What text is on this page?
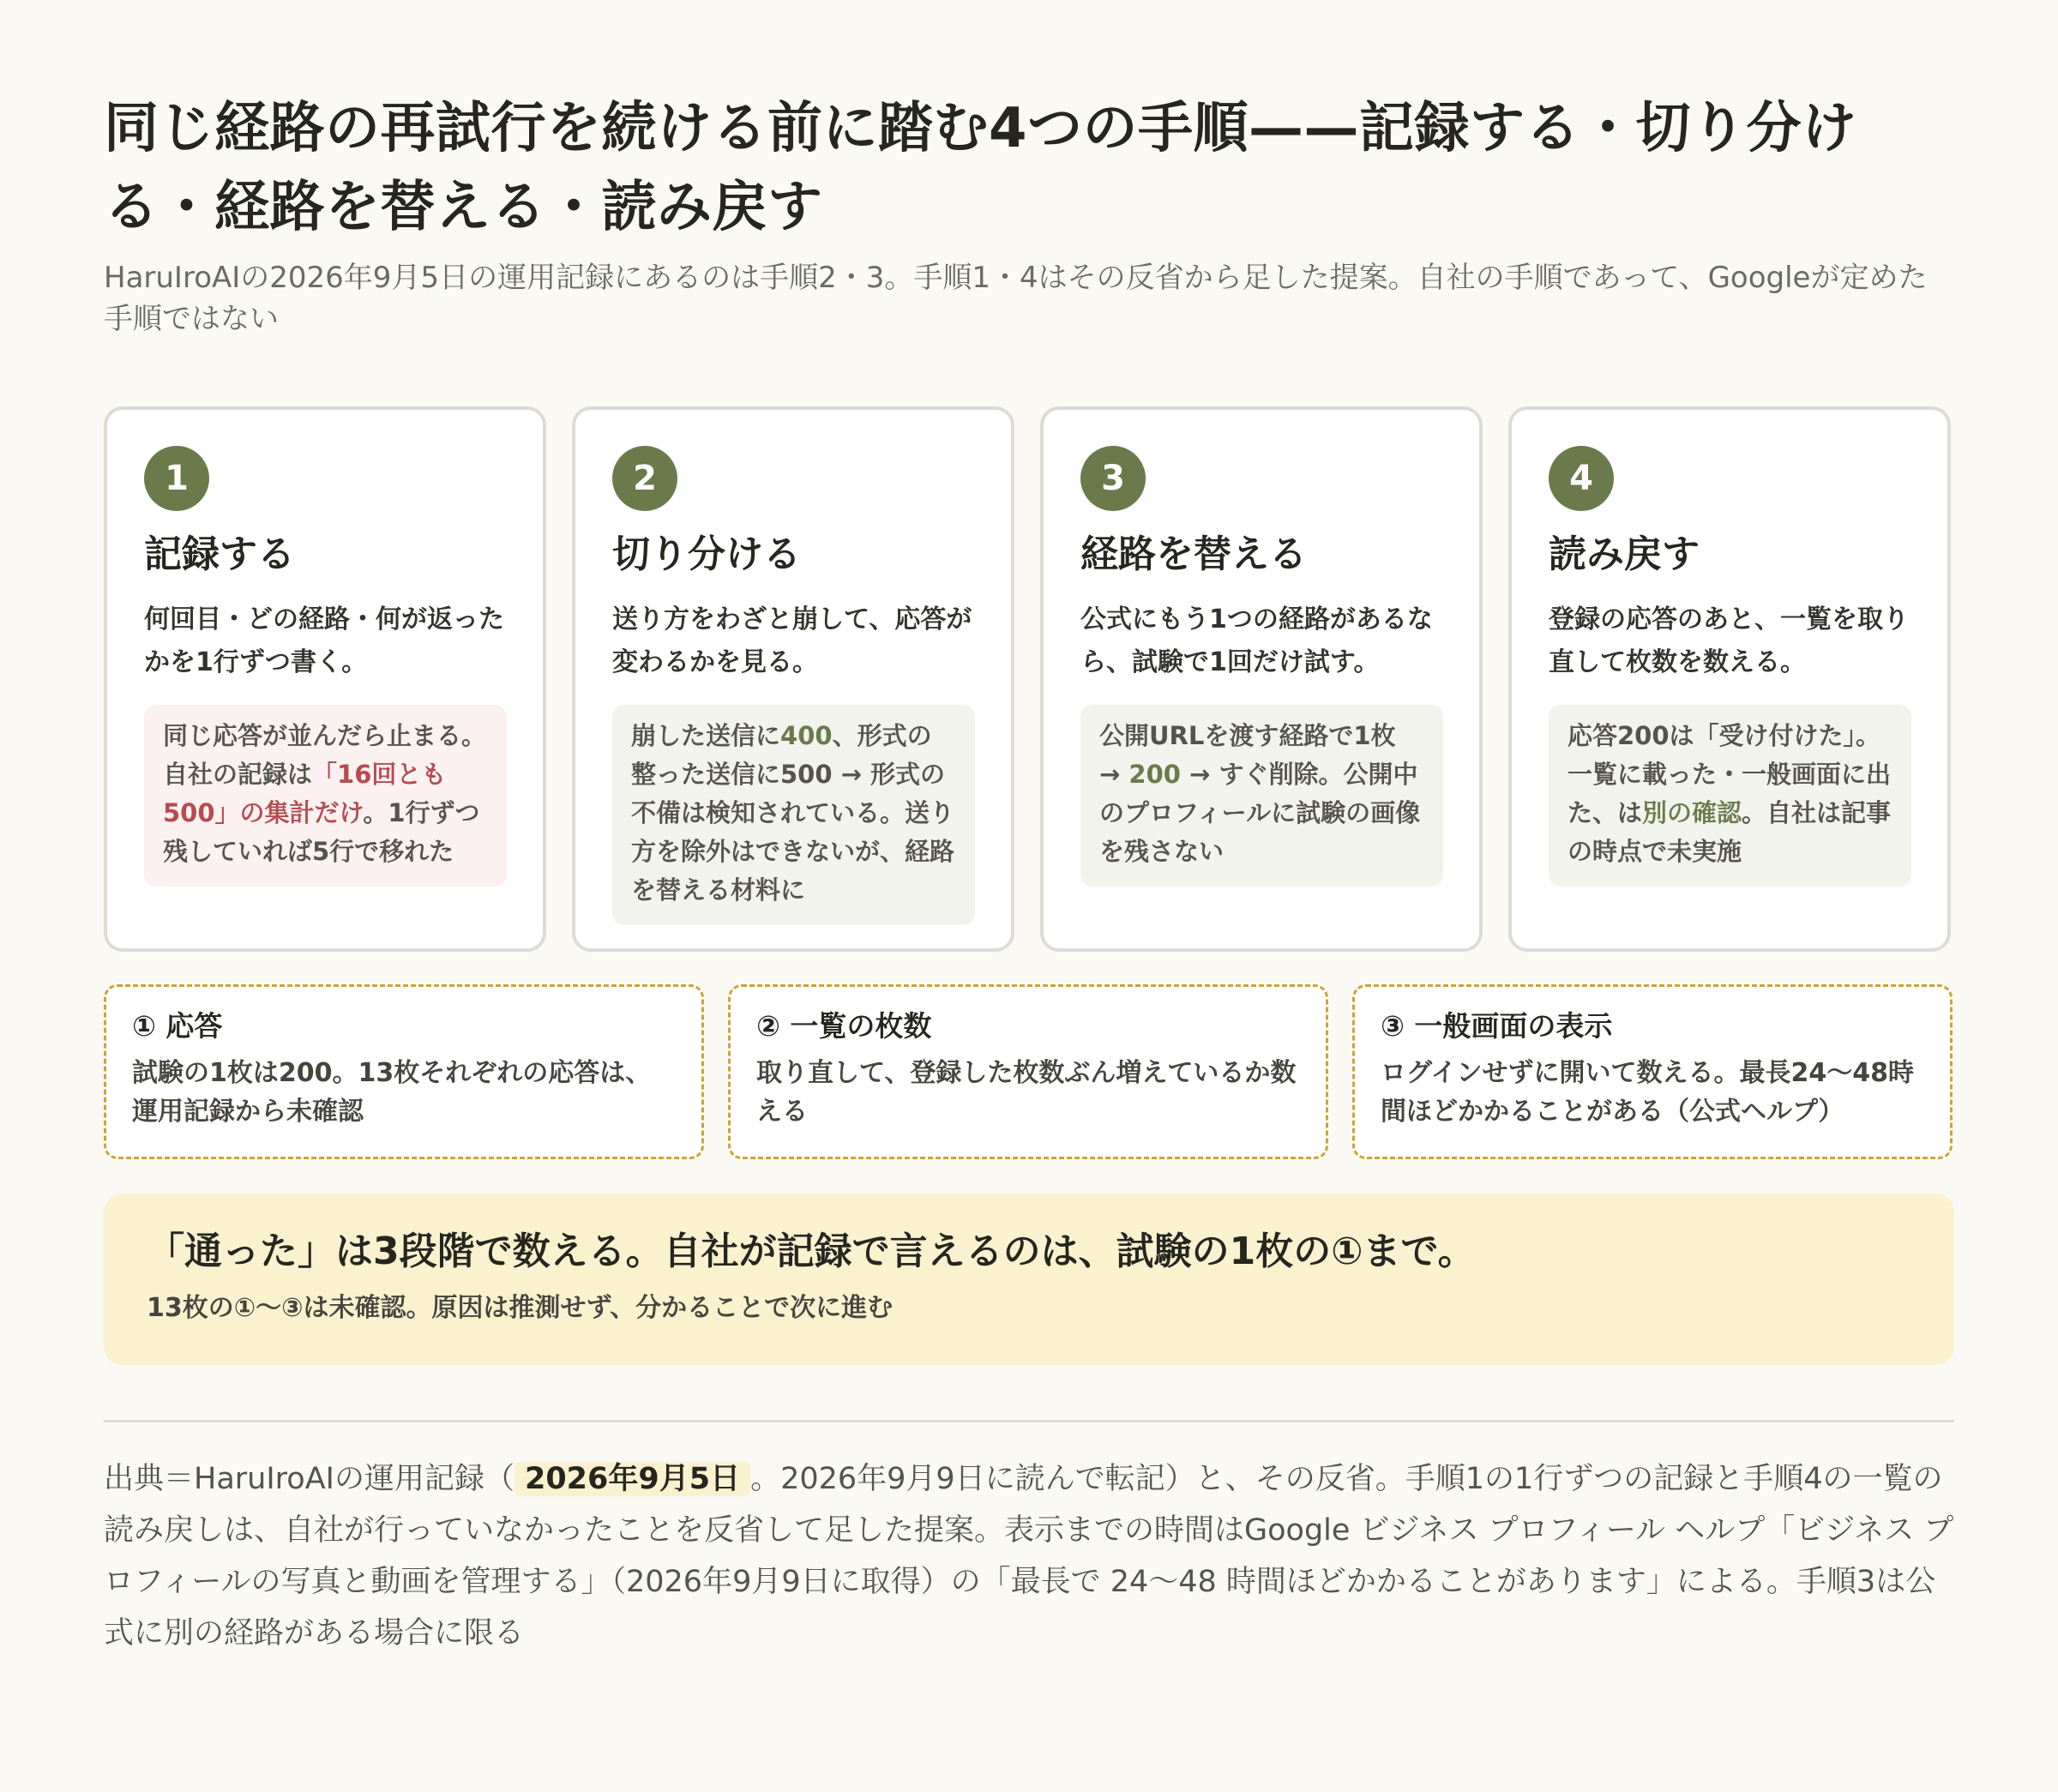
同じ経路の再試行を続ける前に踏む4つの手順——記録する・切り分ける・経路を替える・読み戻す

HaruIroAIの2026年9月5日の運用記録にあるのは手順2・3。手順1・4はその反省から足した提案。自社の手順であって、Googleが定めた手順ではない

1
記録する
何回目・どの経路・何が返ったかを1行ずつ書く。
同じ応答が並んだら止まる。自社の記録は「16回とも500」の集計だけ。1行ずつ残していれば5行で移れた
2
切り分ける
送り方をわざと崩して、応答が変わるかを見る。
崩した送信に400、形式の整った送信に500 → 形式の不備は検知されている。送り方を除外はできないが、経路を替える材料に
3
経路を替える
公式にもう1つの経路があるなら、試験で1回だけ試す。
公開URLを渡す経路で1枚 → 200 → すぐ削除。公開中のプロフィールに試験の画像を残さない
4
読み戻す
登録の応答のあと、一覧を取り直して枚数を数える。
応答200は「受け付けた」。一覧に載った・一般画面に出た、は別の確認。自社は記事の時点で未実施
① 応答
試験の1枚は200。13枚それぞれの応答は、運用記録から未確認
② 一覧の枚数
取り直して、登録した枚数ぶん増えているか数える
③ 一般画面の表示
ログインせずに開いて数える。最長24〜48時間ほどかかることがある（公式ヘルプ）
「通った」は3段階で数える。自社が記録で言えるのは、試験の1枚の①まで。
13枚の①〜③は未確認。原因は推測せず、分かることで次に進む
出典＝HaruIroAIの運用記録（ 2026年9月5日 。2026年9月9日に読んで転記）と、その反省。手順1の1行ずつの記録と手順4の一覧の読み戻しは、自社が行っていなかったことを反省して足した提案。表示までの時間はGoogle ビジネス プロフィール ヘルプ「ビジネス プロフィールの写真と動画を管理する」（2026年9月9日に取得）の「最長で 24〜48 時間ほどかかることがあります」による。手順3は公式に別の経路がある場合に限る
